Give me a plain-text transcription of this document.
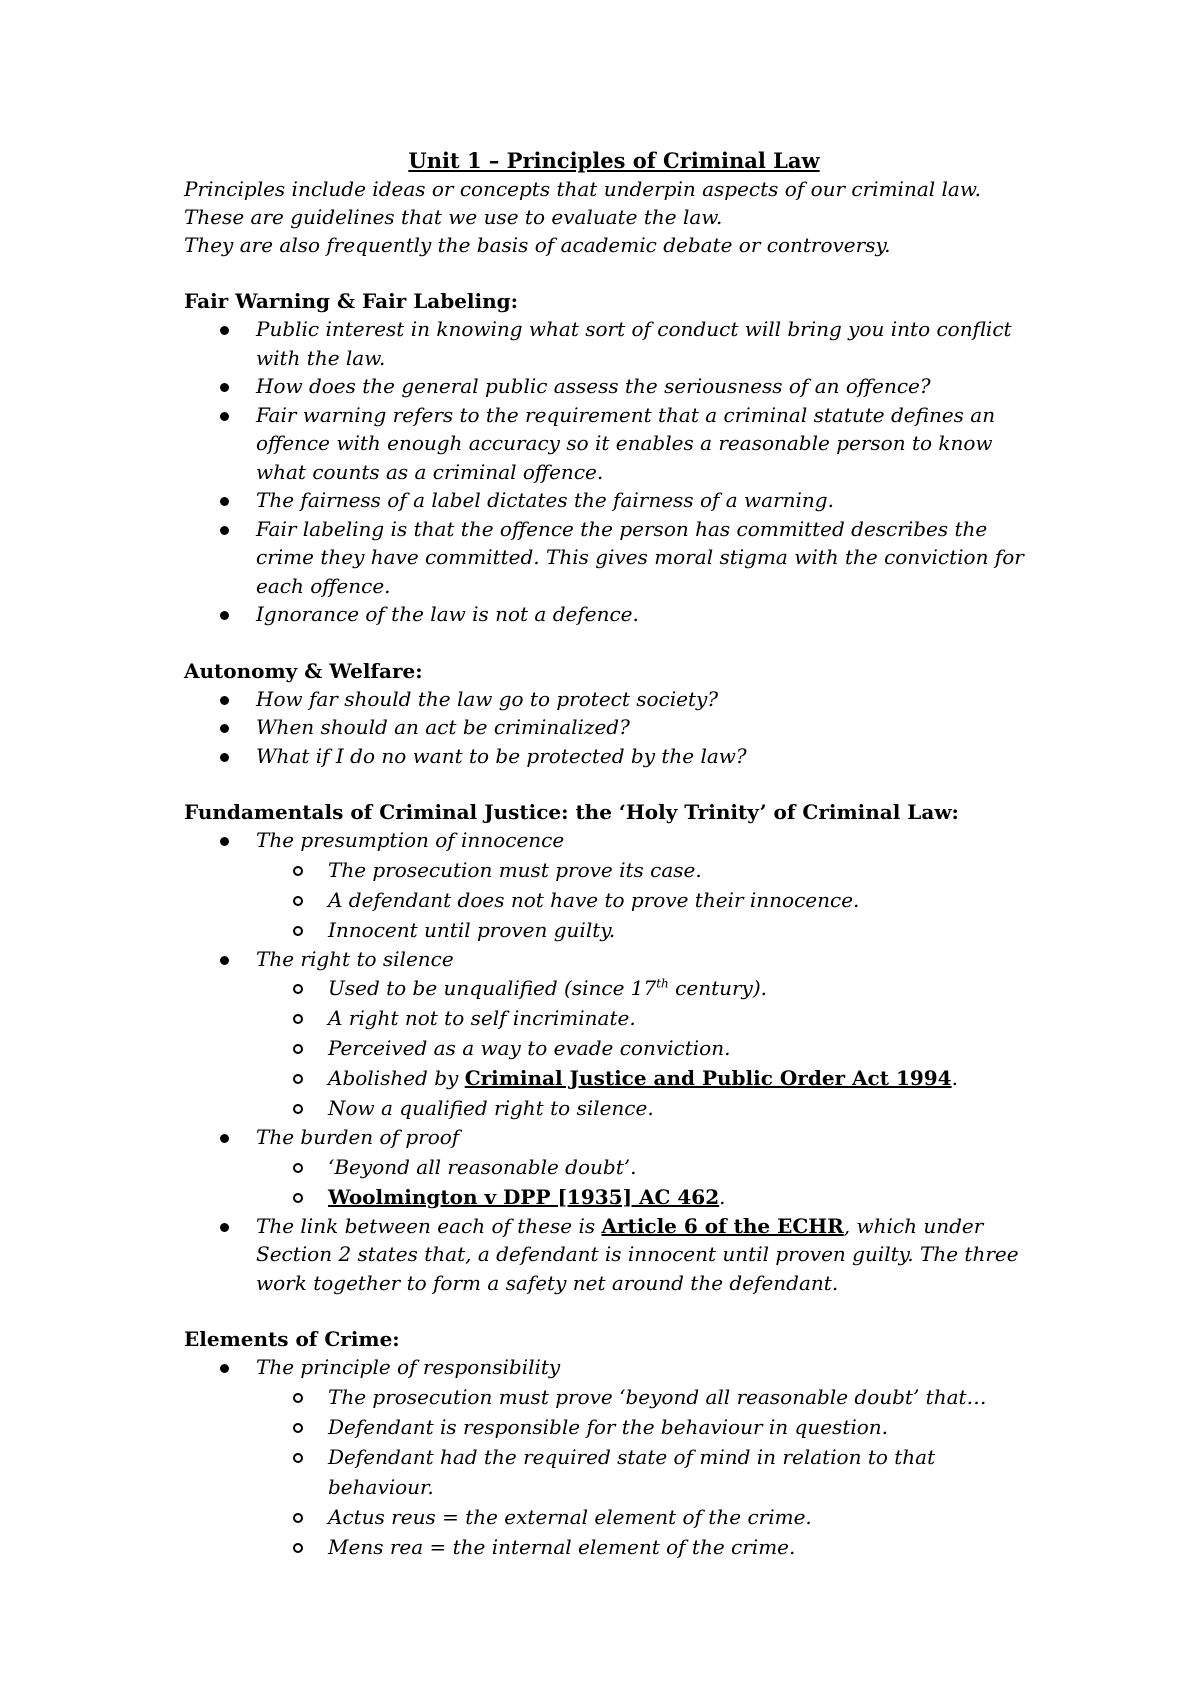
Unit 1 – Principles of Criminal Law

Principles include ideas or concepts that underpin aspects of our criminal law.

These are guidelines that we use to evaluate the law.

They are also frequently the basis of academic debate or controversy.

Fair Warning & Fair Labeling:

Public interest in knowing what sort of conduct will bring you into conflict with the law.
How does the general public assess the seriousness of an offence?
Fair warning refers to the requirement that a criminal statute defines an offence with enough accuracy so it enables a reasonable person to know what counts as a criminal offence.
The fairness of a label dictates the fairness of a warning.
Fair labeling is that the offence the person has committed describes the crime they have committed. This gives moral stigma with the conviction for each offence.
Ignorance of the law is not a defence.

Autonomy & Welfare:

How far should the law go to protect society?
When should an act be criminalized?
What if I do no want to be protected by the law?

Fundamentals of Criminal Justice: the ‘Holy Trinity’ of Criminal Law:

The presumption of innocence
The prosecution must prove its case.
A defendant does not have to prove their innocence.
Innocent until proven guilty.
The right to silence
Used to be unqualified (since 17th century).
A right not to self incriminate.
Perceived as a way to evade conviction.
Abolished by Criminal Justice and Public Order Act 1994.
Now a qualified right to silence.
The burden of proof
‘Beyond all reasonable doubt’.
Woolmington v DPP [1935] AC 462.
The link between each of these is Article 6 of the ECHR, which under Section 2 states that, a defendant is innocent until proven guilty. The three work together to form a safety net around the defendant.

Elements of Crime:

The principle of responsibility
The prosecution must prove ‘beyond all reasonable doubt’ that…
Defendant is responsible for the behaviour in question.
Defendant had the required state of mind in relation to that behaviour.
Actus reus = the external element of the crime.
Mens rea = the internal element of the crime.
